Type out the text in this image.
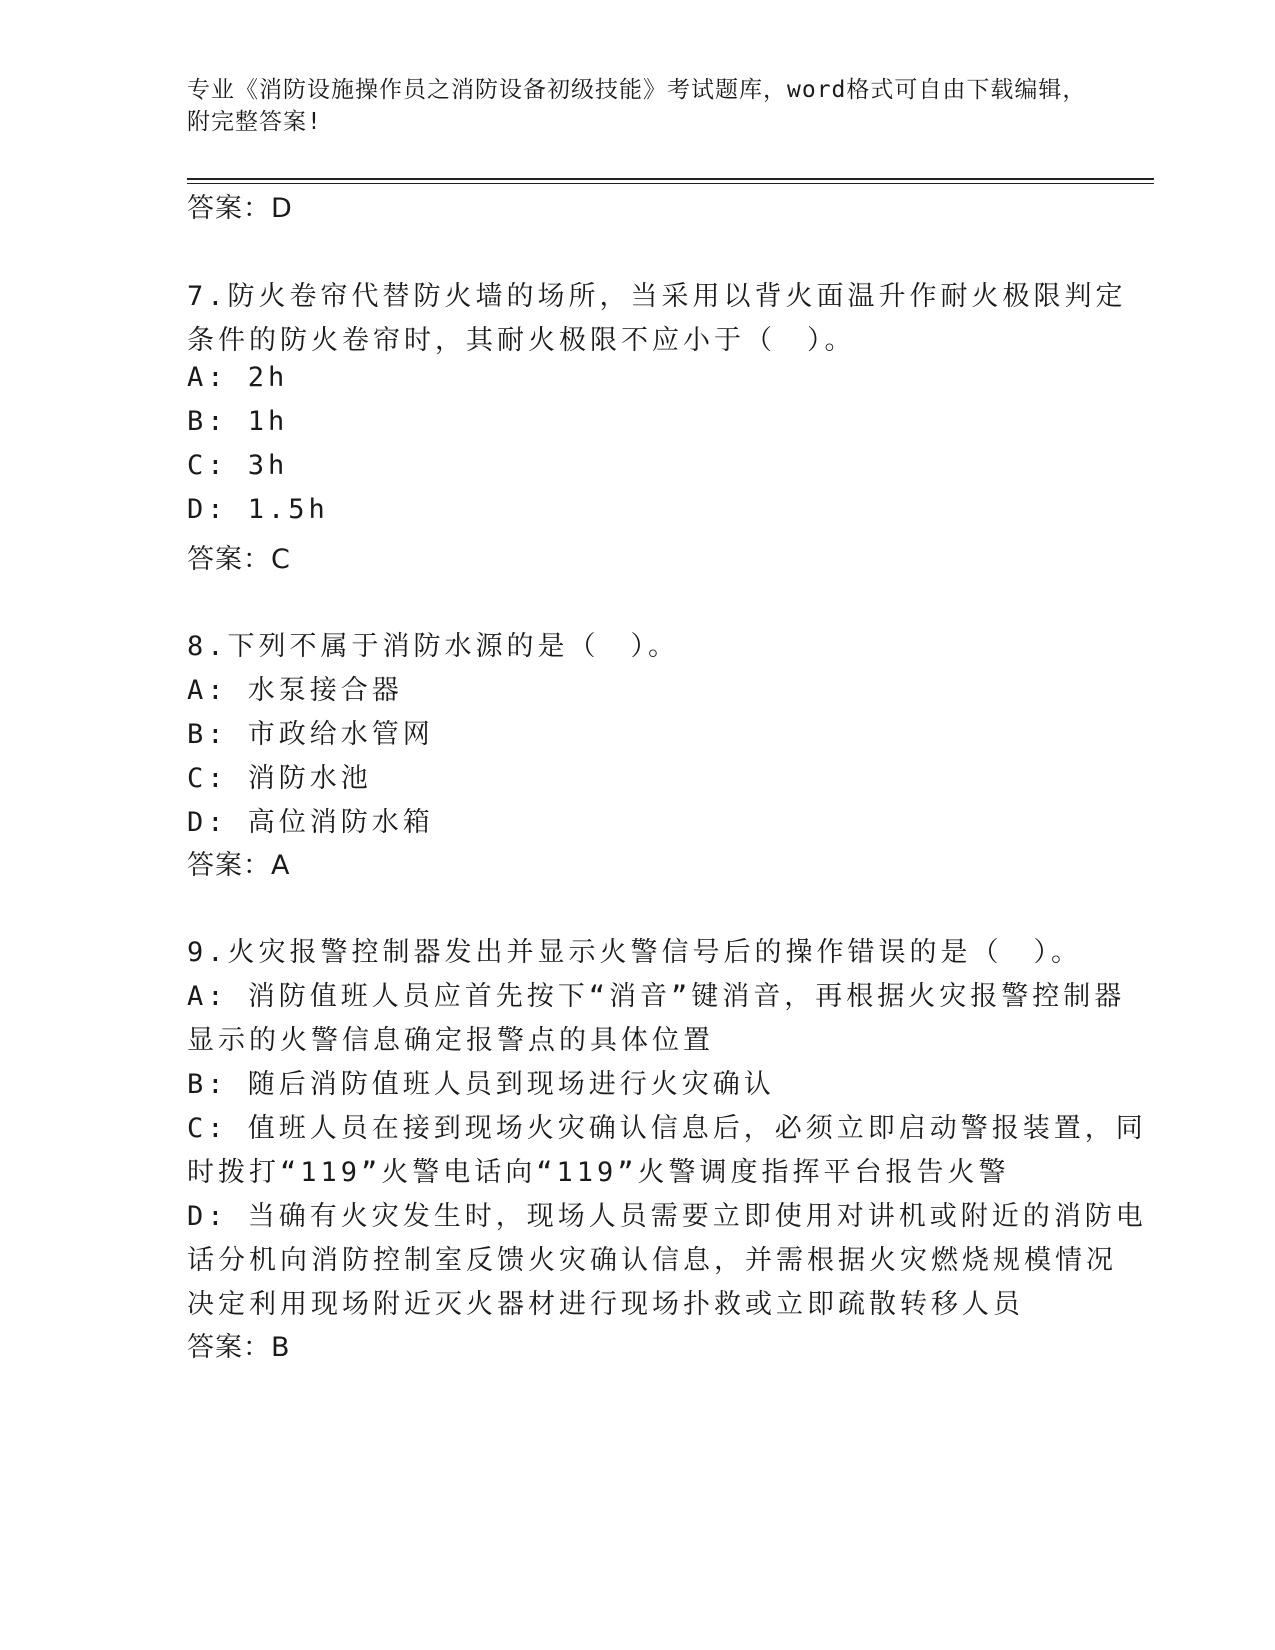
专业《消防设施操作员之消防设备初级技能》考试题库，word格式可自由下载编辑，附完整答案!
答案：D
7.防火卷帘代替防火墙的场所，当采用以背火面温升作耐火极限判定
条件的防火卷帘时，其耐火极限不应小于（　）。
A: 2h
B: 1h
C: 3h
D: 1.5h
答案：C
8.下列不属于消防水源的是（　）。
A: 水泵接合器
B: 市政给水管网
C: 消防水池
D: 高位消防水箱
答案：A
9.火灾报警控制器发出并显示火警信号后的操作错误的是（　）。
A: 消防值班人员应首先按下“消音”键消音，再根据火灾报警控制器
显示的火警信息确定报警点的具体位置
B: 随后消防值班人员到现场进行火灾确认
C: 值班人员在接到现场火灾确认信息后，必须立即启动警报装置，同
时拨打“119”火警电话向“119”火警调度指挥平台报告火警
D: 当确有火灾发生时，现场人员需要立即使用对讲机或附近的消防电
话分机向消防控制室反馈火灾确认信息，并需根据火灾燃烧规模情况
决定利用现场附近灭火器材进行现场扑救或立即疏散转移人员
答案：B
